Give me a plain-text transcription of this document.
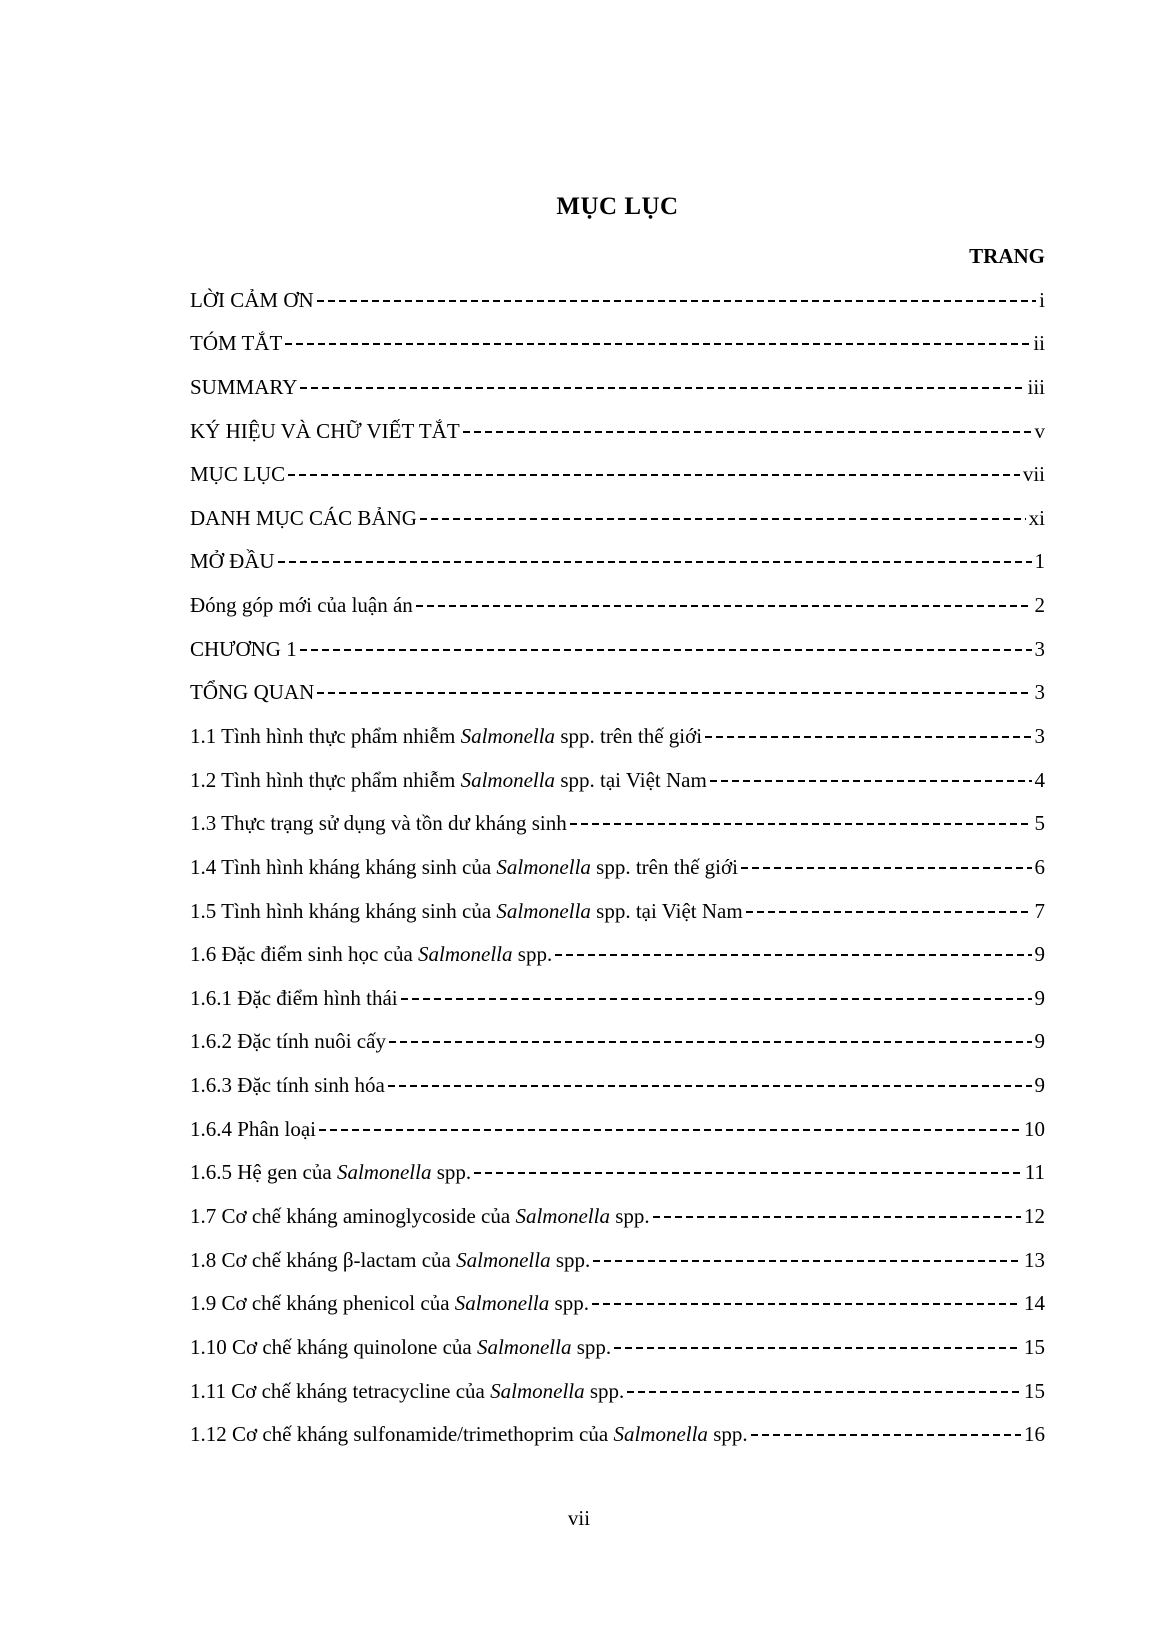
MỤC LỤC
TRANG
LỜI CẢM ƠN	i
TÓM TẮT	ii
SUMMARY	iii
KÝ HIỆU VÀ CHỮ VIẾT TẮT	v
MỤC LỤC	vii
DANH MỤC CÁC BẢNG	xi
MỞ ĐẦU	1
Đóng góp mới của luận án	2
CHƯƠNG 1	3
TỔNG QUAN	3
1.1 Tình hình thực phẩm nhiễm Salmonella spp. trên thế giới	3
1.2 Tình hình thực phẩm nhiễm Salmonella spp. tại Việt Nam	4
1.3 Thực trạng sử dụng và tồn dư kháng sinh	5
1.4 Tình hình kháng kháng sinh của Salmonella spp. trên thế giới	6
1.5 Tình hình kháng kháng sinh của Salmonella spp. tại Việt Nam	7
1.6 Đặc điểm sinh học của Salmonella spp.	9
1.6.1 Đặc điểm hình thái	9
1.6.2 Đặc tính nuôi cấy	9
1.6.3 Đặc tính sinh hóa	9
1.6.4 Phân loại	10
1.6.5 Hệ gen của Salmonella spp.	11
1.7 Cơ chế kháng aminoglycoside của Salmonella spp.	12
1.8 Cơ chế kháng β-lactam của Salmonella spp.	13
1.9 Cơ chế kháng phenicol của Salmonella spp.	14
1.10 Cơ chế kháng quinolone của Salmonella spp.	15
1.11 Cơ chế kháng tetracycline của Salmonella spp.	15
1.12 Cơ chế kháng sulfonamide/trimethoprim của Salmonella spp.	16
vii
